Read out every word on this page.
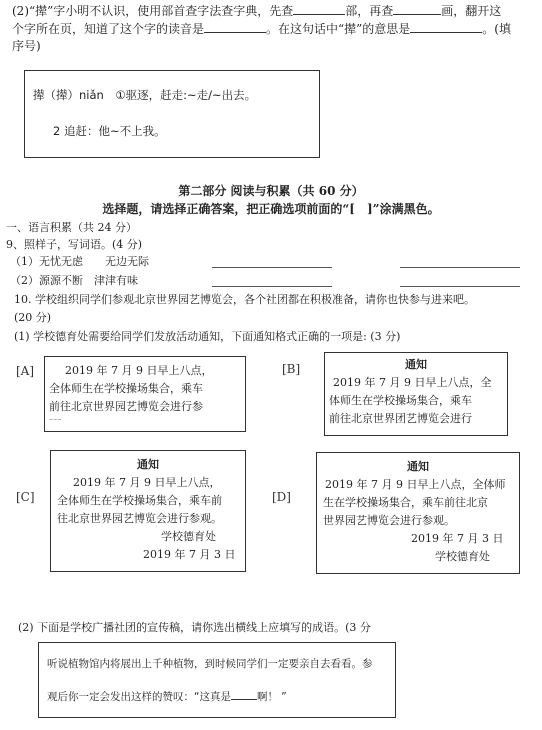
(2)“撵”字小明不认识，使用部首查字法查字典，先查	部，再查	画，翻开这
个字所在页，知道了这个字的读音是	。在这句话中“撵”的意思是	。(填
序号)
撵（撵）niǎn　①驱逐，赶走:~走/~出去。
2 追赶：他~不上我。
第二部分 阅读与积累（共 60 分）
选择题，请选择正确答案，把正确选项前面的“[　]”涂满黑色。
一、语言积累（共 24 分）
9、照样子，写词语。(4 分)
（1）无忧无虑　　无边无际
（2）源源不断　津津有味
10. 学校组织同学们参观北京世界园艺博览会，各个社团都在积极准备，请你也快参与进来吧。
(20 分)
(1) 学校德育处需要给同学们发放活动通知，下面通知格式正确的一项是: (3 分)
[A]	2019 年 7 月 9 日早上八点，
全体师生在学校操场集合，乘车
前往北京世界园艺博览会进行参
~~~
[B]	通知
2019 年 7 月 9 日早上八点，全
体师生在学校操场集合，乘车
前往北京世界团艺博览会进行
[C]
通知
2019 年 7 月 9 日早上八点，
全体师生在学校操场集合，乘车前
往北京世界园艺博览会进行参观。
学校德育处
2019 年 7 月 3 日
[D]
通知
2019 年 7 月 9 日早上八点，全体师
生在学校操场集合，乘车前往北京
世界园艺博览会进行参观。
2019 年 7 月 3 日
学校德育处
(2) 下面是学校广播社团的宣传稿，请你选出横线上应填写的成语。(3 分
听说植物馆内将展出上千种植物，到时候同学们一定要亲自去看看。参
观后你一定会发出这样的赞叹：“这真是 啊！ ”
